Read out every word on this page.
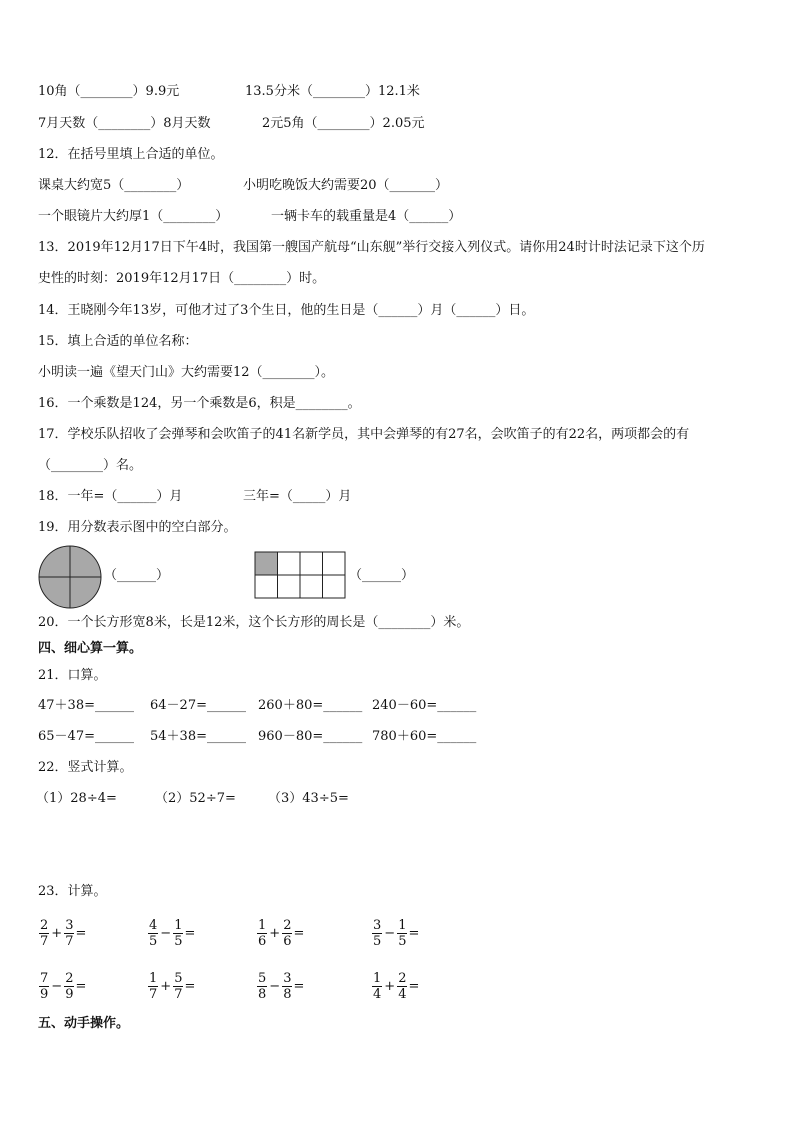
10角（________）9.9元	13.5分米（________）12.1米
7月天数（________）8月天数	2元5角（________）2.05元
12．在括号里填上合适的单位。
课桌大约宽5（________）	小明吃晚饭大约需要20（_______）
一个眼镜片大约厚1（________）	一辆卡车的载重量是4（______）
13．2019年12月17日下午4时，我国第一艘国产航母“山东舰”举行交接入列仪式。请你用24时计时法记录下这个历
史性的时刻：2019年12月17日（________）时。
14．王晓刚今年13岁，可他才过了3个生日，他的生日是（______）月（______）日。
15．填上合适的单位名称：
小明读一遍《望天门山》大约需要12（________）。
16．一个乘数是124，另一个乘数是6，积是________。
17．学校乐队招收了会弹琴和会吹笛子的41名新学员，其中会弹琴的有27名，会吹笛子的有22名，两项都会的有
（________）名。
18．一年=（______）月	三年=（_____）月
19．用分数表示图中的空白部分。
（______）	（______）
20．一个长方形宽8米，长是12米，这个长方形的周长是（________）米。
四、细心算一算。
21．口算。
47＋38=______ 64－27=______ 260＋80=______ 240－60=______
65－47=______ 54＋38=______ 960－80=______ 780＋60=______
22．竖式计算。
（1）28÷4=	（2）52÷7= （3）43÷5=
23．计算。
$\frac{2}{7} + \frac{3}{7}$ =	$\frac{4}{5} - \frac{1}{5}$ =	$\frac{1}{6} + \frac{2}{6}$ =	$\frac{3}{5} - \frac{1}{5}$ =
$\frac{7}{9} - \frac{2}{9}$ =	$\frac{1}{7} + \frac{5}{7}$ =	$\frac{5}{8} - \frac{3}{8}$ =	$\frac{1}{4} + \frac{2}{4}$ =
五、动手操作。
